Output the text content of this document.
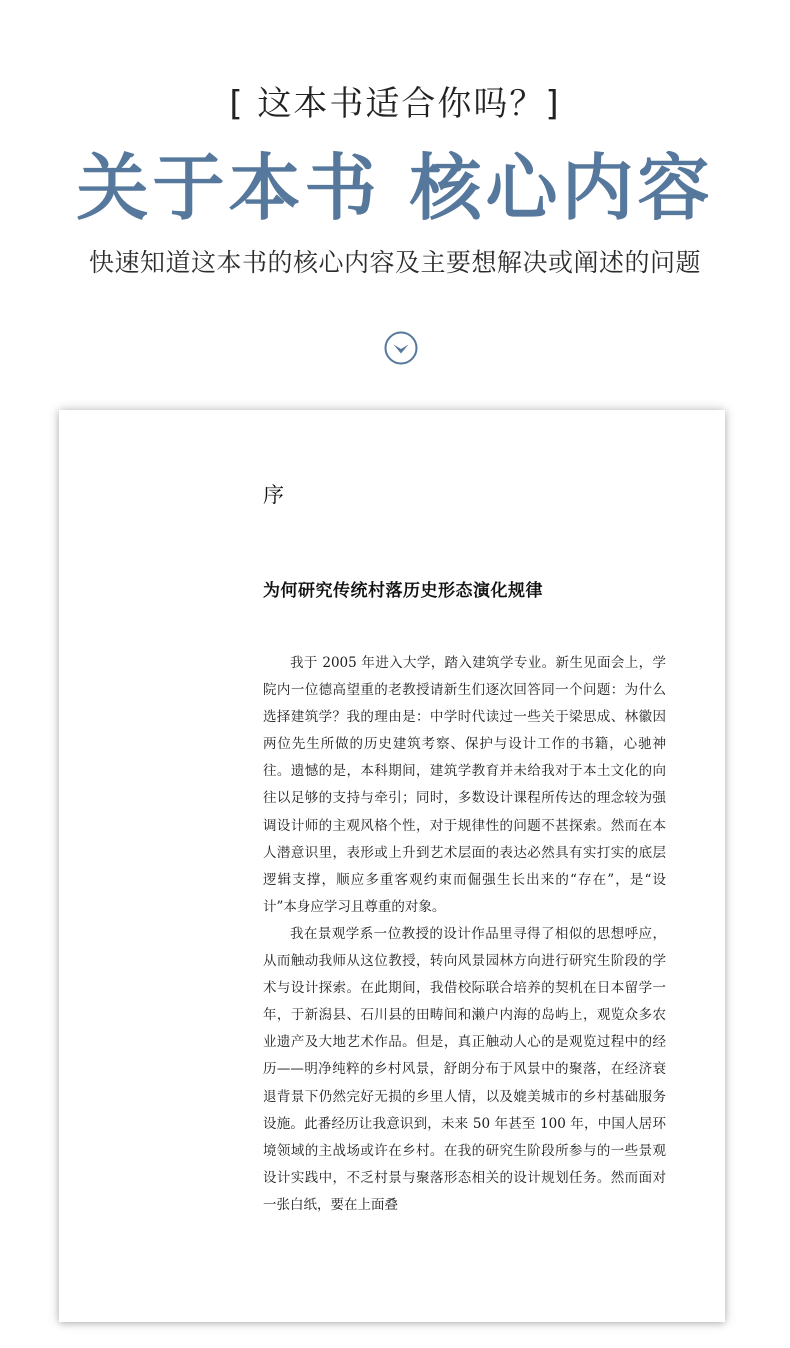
[ 这本书适合你吗？]
关于本书 核心内容
快速知道这本书的核心内容及主要想解决或阐述的问题
序
为何研究传统村落历史形态演化规律

我于 2005 年进入大学，踏入建筑学专业。新生见面会上，学院内一位德高望重的老教授请新生们逐次回答同一个问题：为什么选择建筑学？我的理由是：中学时代读过一些关于梁思成、林徽因两位先生所做的历史建筑考察、保护与设计工作的书籍，心驰神往。遗憾的是，本科期间，建筑学教育并未给我对于本土文化的向往以足够的支持与牵引；同时，多数设计课程所传达的理念较为强调设计师的主观风格个性，对于规律性的问题不甚探索。然而在本人潜意识里，表形或上升到艺术层面的表达必然具有实打实的底层逻辑支撑，顺应多重客观约束而倔强生长出来的“存在”，是“设计”本身应学习且尊重的对象。

我在景观学系一位教授的设计作品里寻得了相似的思想呼应，从而触动我师从这位教授，转向风景园林方向进行研究生阶段的学术与设计探索。在此期间，我借校际联合培养的契机在日本留学一年，于新潟县、石川县的田畴间和濑户内海的岛屿上，观览众多农业遗产及大地艺术作品。但是，真正触动人心的是观览过程中的经历——明净纯粹的乡村风景，舒朗分布于风景中的聚落，在经济衰退背景下仍然完好无损的乡里人情，以及媲美城市的乡村基础服务设施。此番经历让我意识到，未来 50 年甚至 100 年，中国人居环境领域的主战场或许在乡村。在我的研究生阶段所参与的一些景观设计实践中，不乏村景与聚落形态相关的设计规划任务。然而面对一张白纸，要在上面叠
